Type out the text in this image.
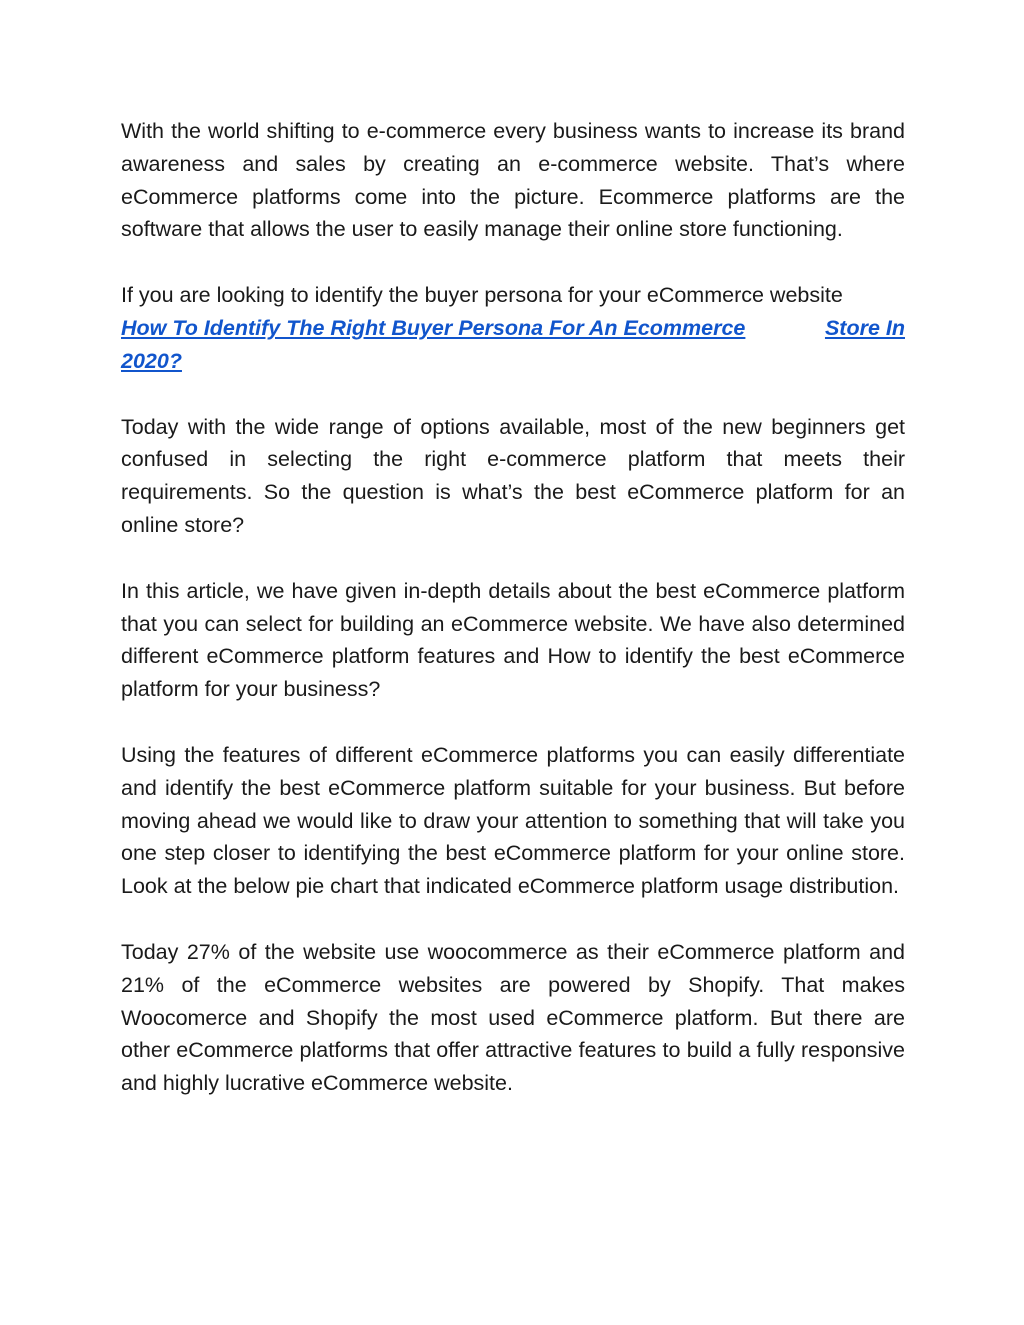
With the world shifting to e-commerce every business wants to increase its brand awareness and sales by creating an e-commerce website. That’s where eCommerce platforms come into the picture. Ecommerce platforms are the software that allows the user to easily manage their online store functioning.

If you are looking to identify the buyer persona for your eCommerce website

How To Identify The Right Buyer Persona For An Ecommerce	Store In
2020?

Today with the wide range of options available, most of the new beginners get confused in selecting the right e-commerce platform that meets their requirements. So the question is what’s the best eCommerce platform for an online store?

In this article, we have given in-depth details about the best eCommerce platform that you can select for building an eCommerce website. We have also determined different eCommerce platform features and How to identify the best eCommerce platform for your business?

Using the features of different eCommerce platforms you can easily differentiate and identify the best eCommerce platform suitable for your business. But before moving ahead we would like to draw your attention to something that will take you one step closer to identifying the best eCommerce platform for your online store. Look at the below pie chart that indicated eCommerce platform usage distribution.

Today 27% of the website use woocommerce as their eCommerce platform and 21% of the eCommerce websites are powered by Shopify. That makes Woocomerce and Shopify the most used eCommerce platform. But there are other eCommerce platforms that offer attractive features to build a fully responsive and highly lucrative eCommerce website.
